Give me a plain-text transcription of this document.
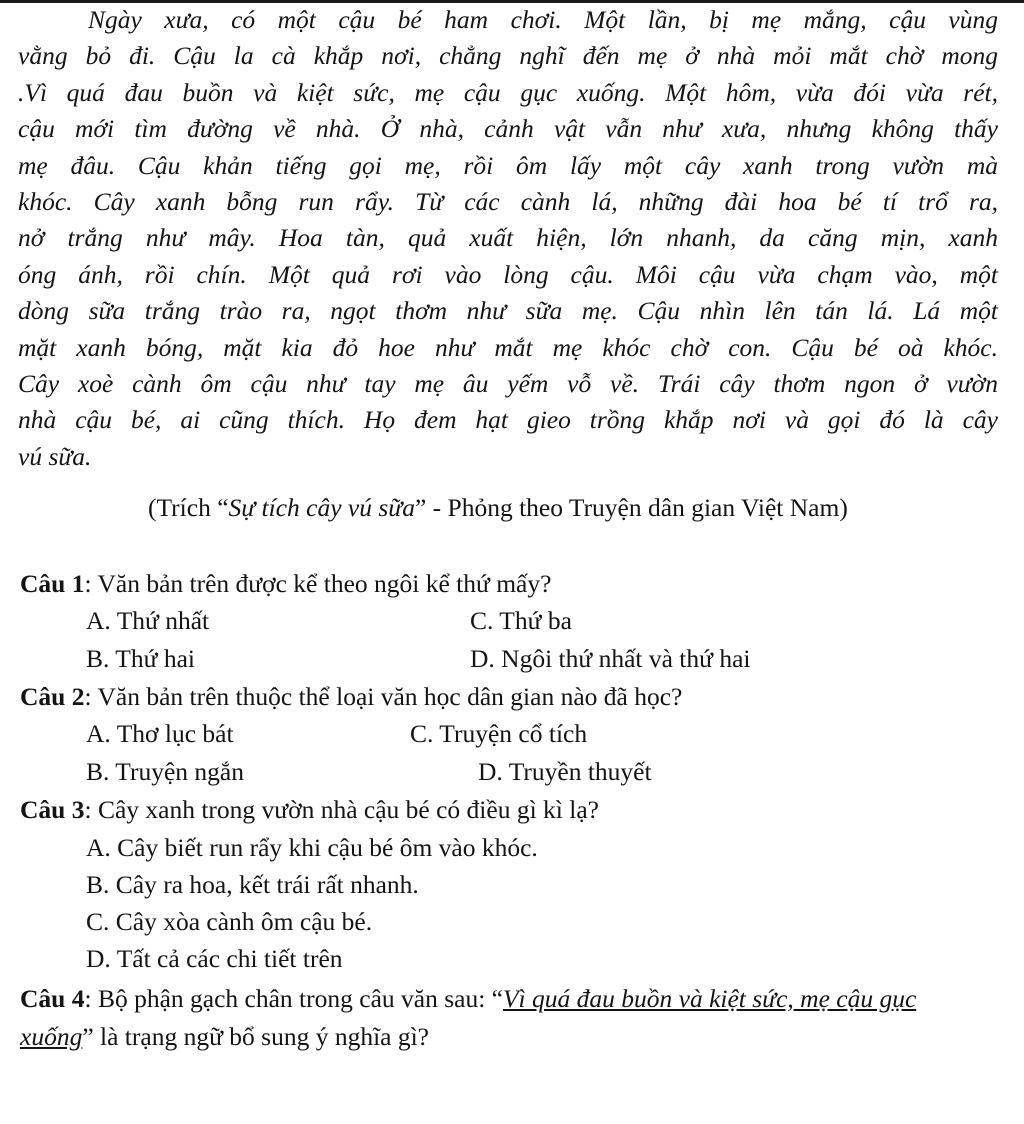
Ngày xưa, có một cậu bé ham chơi. Một lần, bị mẹ mắng, cậu vùng
vằng bỏ đi. Cậu la cà khắp nơi, chẳng nghĩ đến mẹ ở nhà mỏi mắt chờ mong
.Vì quá đau buồn và kiệt sức, mẹ cậu gục xuống. Một hôm, vừa đói vừa rét,
cậu mới tìm đường về nhà. Ở nhà, cảnh vật vẫn như xưa, nhưng không thấy
mẹ đâu. Cậu khản tiếng gọi mẹ, rồi ôm lấy một cây xanh trong vườn mà
khóc. Cây xanh bỗng run rẩy. Từ các cành lá, những đài hoa bé tí trổ ra,
nở trắng như mây. Hoa tàn, quả xuất hiện, lớn nhanh, da căng mịn, xanh
óng ánh, rồi chín. Một quả rơi vào lòng cậu. Môi cậu vừa chạm vào, một
dòng sữa trắng trào ra, ngọt thơm như sữa mẹ. Cậu nhìn lên tán lá. Lá một
mặt xanh bóng, mặt kia đỏ hoe như mắt mẹ khóc chờ con. Cậu bé oà khóc.
Cây xoè cành ôm cậu như tay mẹ âu yếm vỗ về. Trái cây thơm ngon ở vườn
nhà cậu bé, ai cũng thích. Họ đem hạt gieo trồng khắp nơi và gọi đó là cây
vú sữa.
(Trích “Sự tích cây vú sữa” - Phỏng theo Truyện dân gian Việt Nam)
Câu 1: Văn bản trên được kể theo ngôi kể thứ mấy?
A. Thứ nhất	C. Thứ ba
B. Thứ hai	D. Ngôi thứ nhất và thứ hai
Câu 2: Văn bản trên thuộc thể loại văn học dân gian nào đã học?
A. Thơ lục bát	C. Truyện cổ tích
B. Truyện ngắn	D. Truyền thuyết
Câu 3: Cây xanh trong vườn nhà cậu bé có điều gì kì lạ?
A. Cây biết run rẩy khi cậu bé ôm vào khóc.
B. Cây ra hoa, kết trái rất nhanh.
C. Cây xòa cành ôm cậu bé.
D. Tất cả các chi tiết trên
Câu 4: Bộ phận gạch chân trong câu văn sau: “Vì quá đau buồn và kiệt sức, mẹ cậu gục xuống” là trạng ngữ bổ sung ý nghĩa gì?
